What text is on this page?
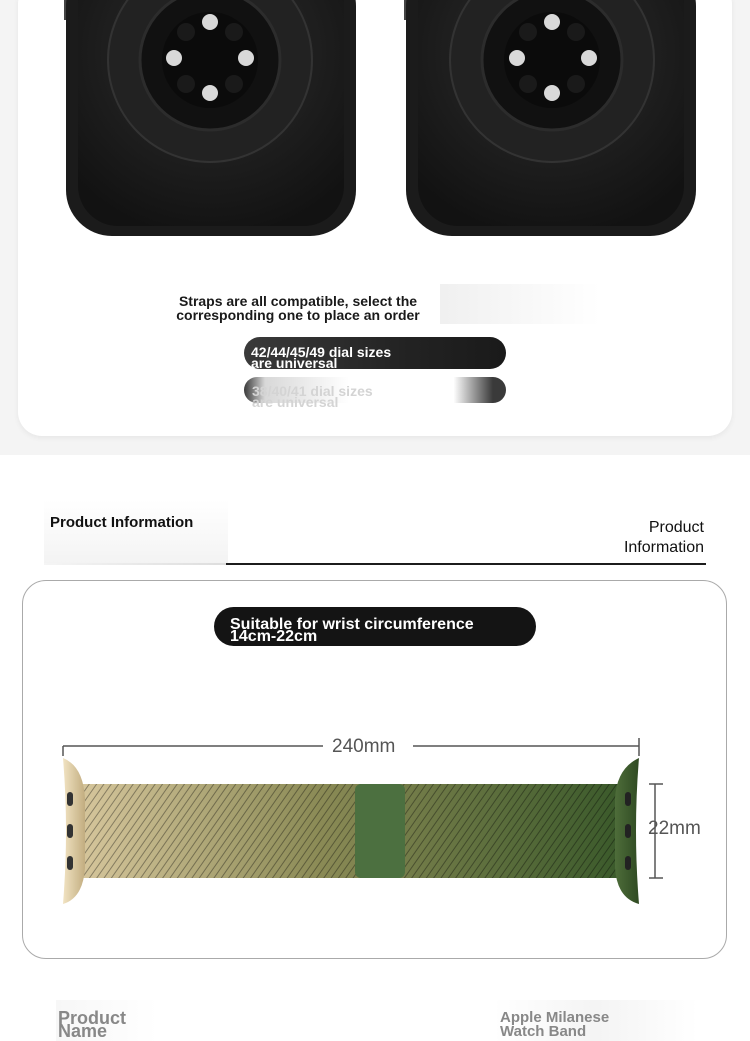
Straps are all compatible, select the
corresponding one to place an order
42/44/45/49 dial sizes
are universal
38/40/41 dial sizes
are universal
Product Information	Product
Information
Suitable for wrist circumference
14cm-22cm
240mm
22mm
Product
Name
Apple Milanese
Watch Band
